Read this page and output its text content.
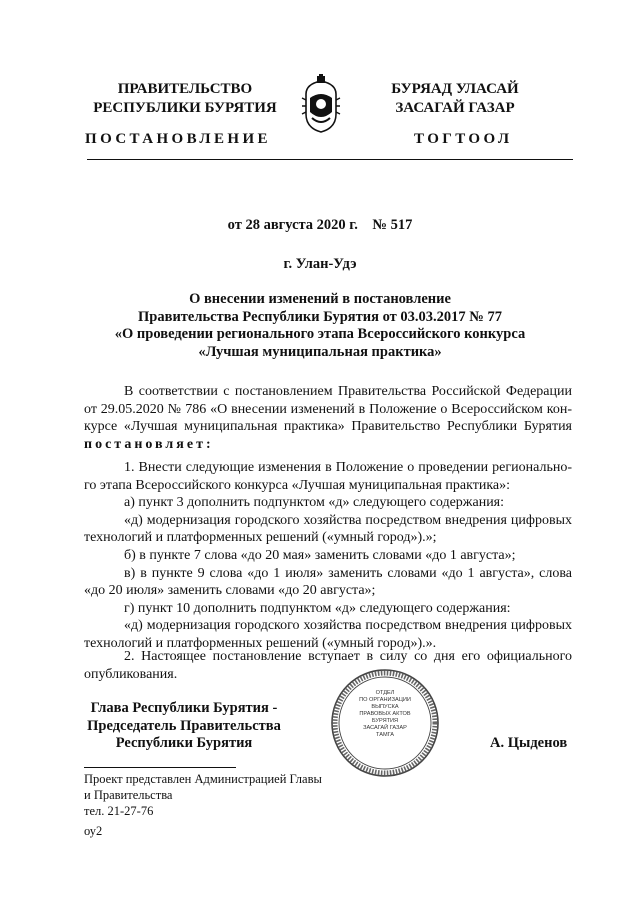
ПРАВИТЕЛЬСТВО
РЕСПУБЛИКИ БУРЯТИЯ
БУРЯАД УЛАСАЙ
ЗАСАГАЙ ГАЗАР
ПОСТАНОВЛЕНИЕ	ТОГТООЛ
от 28 августа 2020 г.    № 517
г. Улан-Удэ
О внесении изменений в постановление
Правительства Республики Бурятия от 03.03.2017 № 77
«О проведении регионального этапа Всероссийского конкурса
«Лучшая муниципальная практика»
В соответствии с постановлением Правительства Российской Федерации
от 29.05.2020 № 786 «О внесении изменений в Положение о Всероссийском кон-
курсе «Лучшая муниципальная практика» Правительство Республики Бурятия
постановляет:
1. Внести следующие изменения в Положение о проведении регионально-
го этапа Всероссийского конкурса «Лучшая муниципальная практика»:
а) пункт 3 дополнить подпунктом «д» следующего содержания:
«д) модернизация городского хозяйства посредством внедрения цифровых
технологий и платформенных решений («умный город»).»;
б) в пункте 7 слова «до 20 мая» заменить словами «до 1 августа»;
в) в пункте 9 слова «до 1 июля» заменить словами «до 1 августа», слова
«до 20 июля» заменить словами «до 20 августа»;
г) пункт 10 дополнить подпунктом «д» следующего содержания:
«д) модернизация городского хозяйства посредством внедрения цифровых
технологий и платформенных решений («умный город»).».
2. Настоящее постановление вступает в силу со дня его официального
опубликования.
ОТДЕЛ
ПО ОРГАНИЗАЦИИ
ВЫПУСКА
ПРАВОВЫХ АКТОВ
БУРЯТИЯ
ЗАСАГАЙ ГАЗАР
ТАМГА
Глава Республики Бурятия -
Председатель Правительства
Республики Бурятия	А. Цыденов
Проект представлен Администрацией Главы
и Правительства
тел. 21-27-76
оу2
